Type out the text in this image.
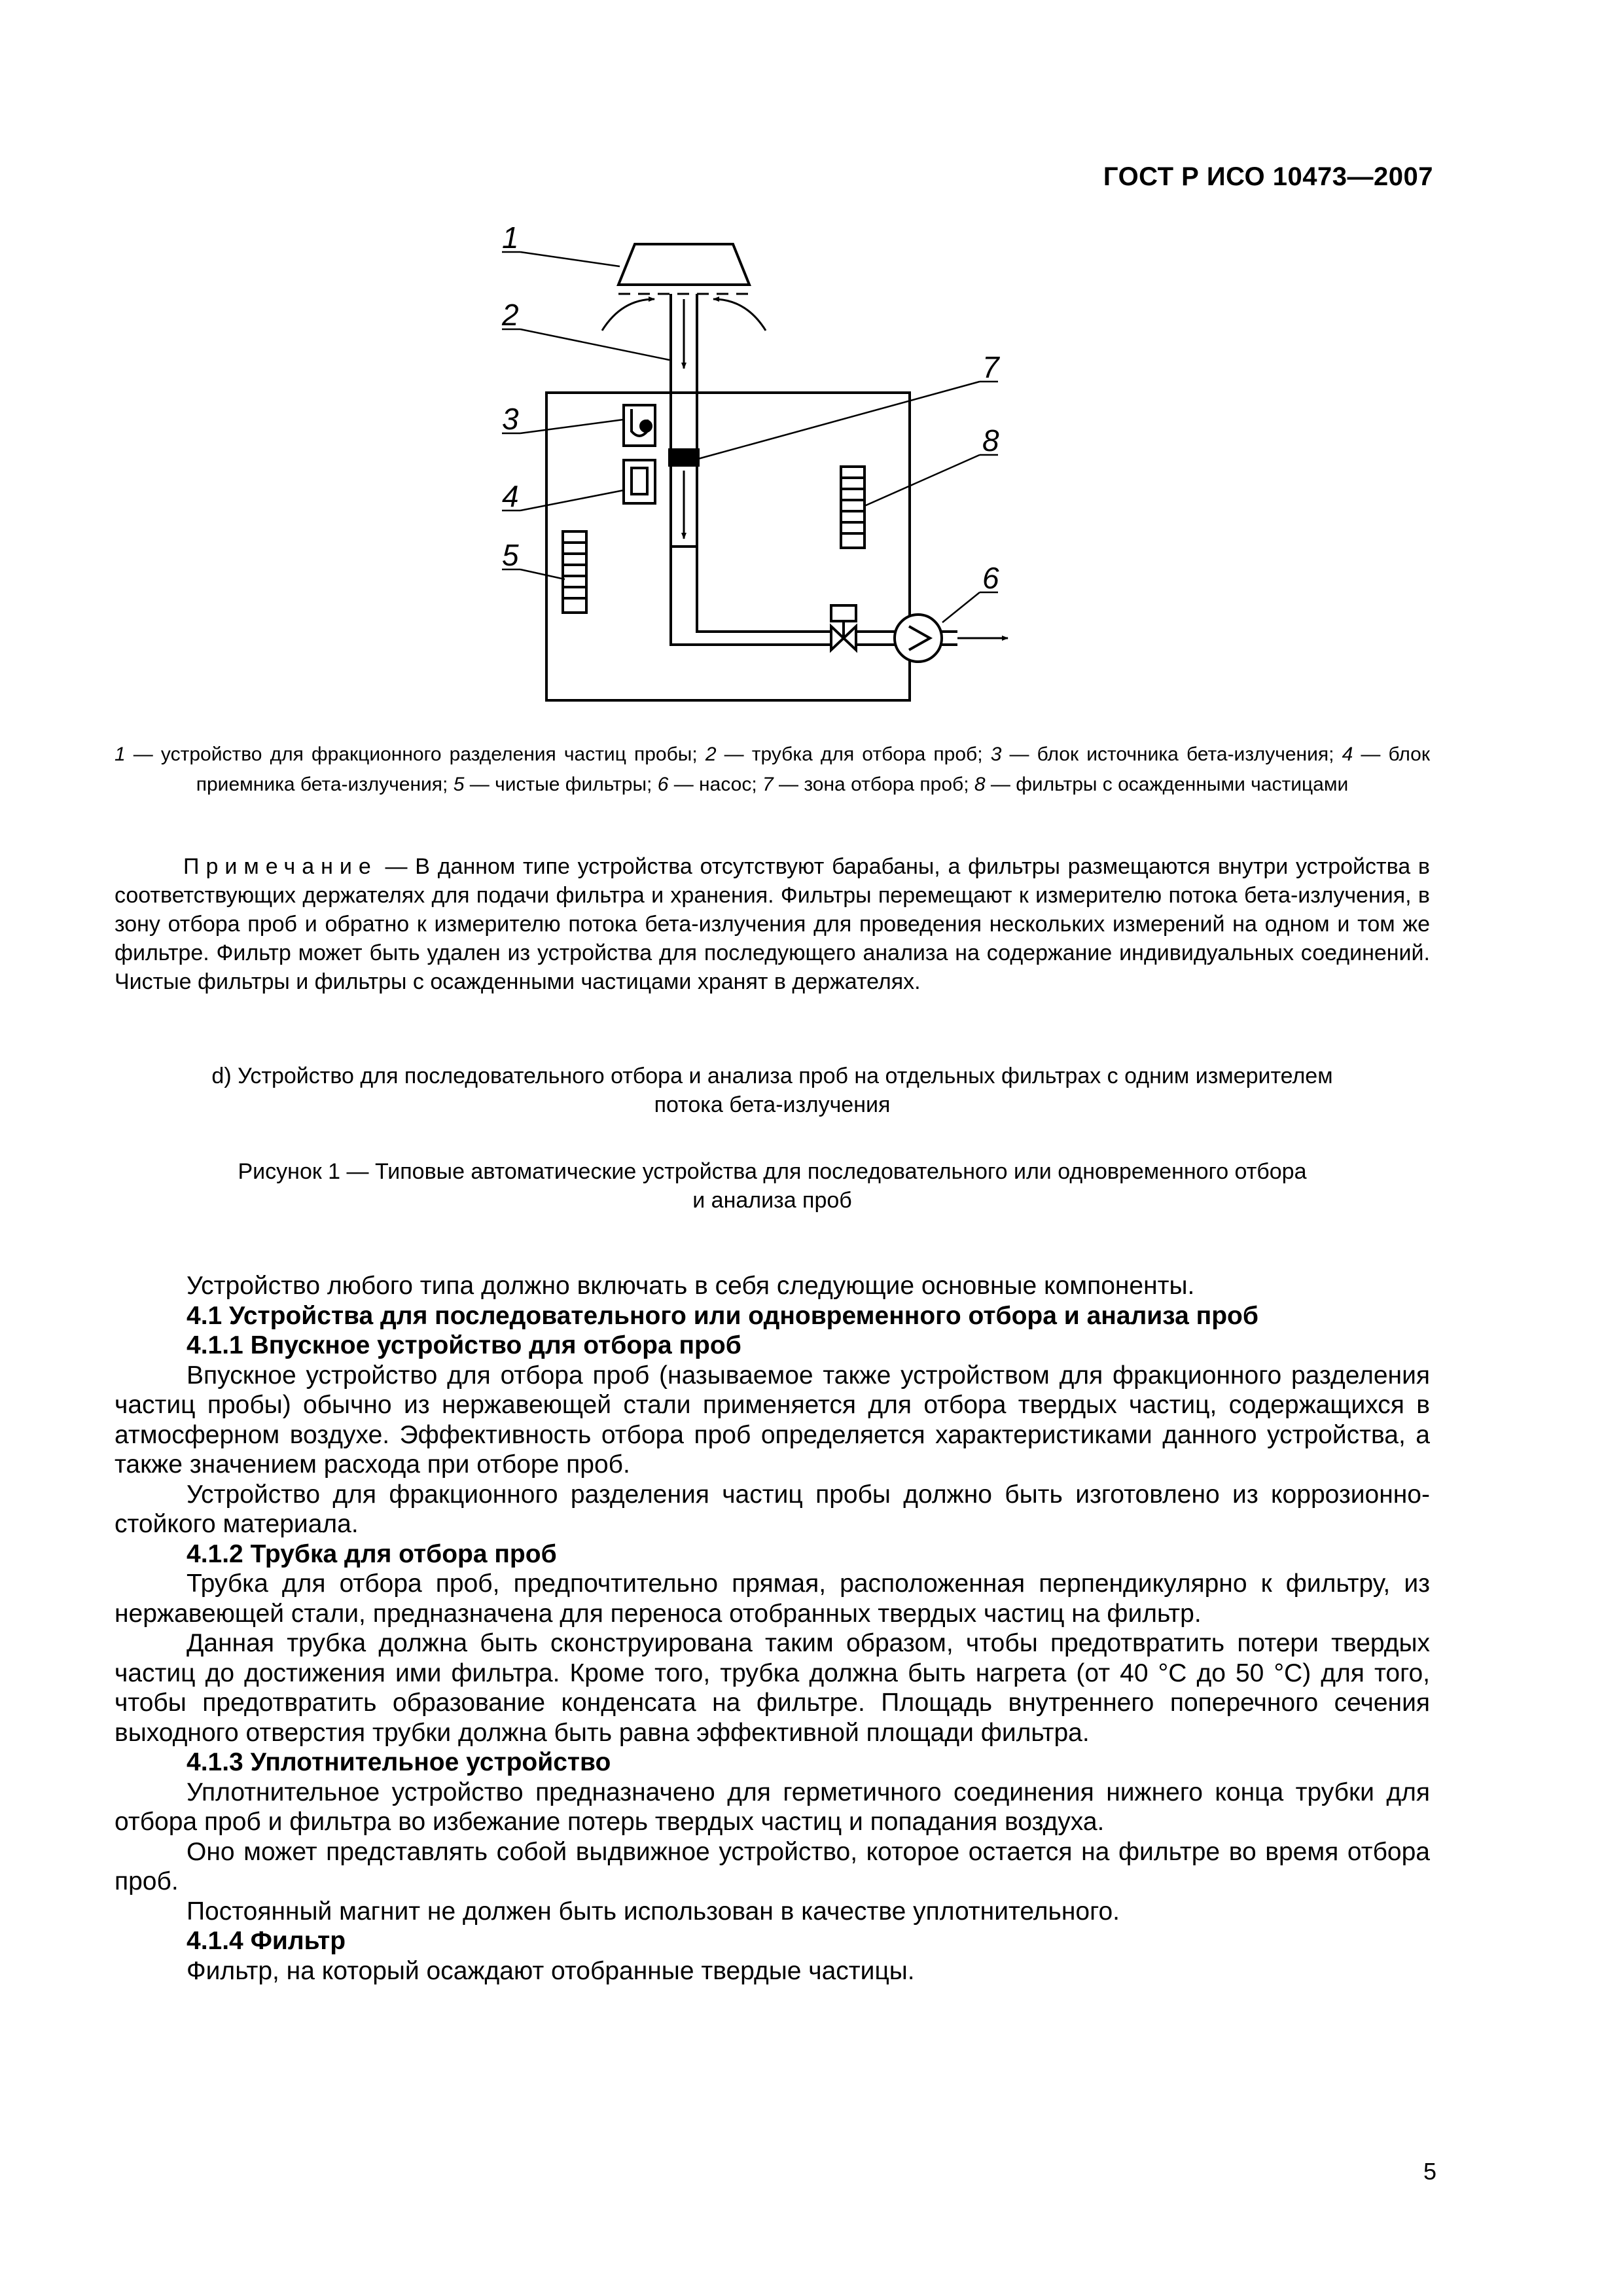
ГОСТ Р ИСО 10473—2007
1
2
3
4
5
6
7
8
1 — устройство для фракционного разделения частиц пробы; 2 — трубка для отбора проб; 3 — блок источника бета-излучения; 4 — блок приемника бета-излучения; 5 — чистые фильтры; 6 — насос; 7 — зона отбора проб; 8 — фильтры с осажденными частицами
Примечание — В данном типе устройства отсутствуют барабаны, а фильтры размещаются внутри устройства в соответствующих держателях для подачи фильтра и хранения. Фильтры перемещают к измерителю потока бета-излучения, в зону отбора проб и обратно к измерителю потока бета-излучения для проведения нескольких измерений на одном и том же фильтре. Фильтр может быть удален из устройства для последующего анализа на содержание индивидуальных соединений. Чистые фильтры и фильтры с осажденными частицами хранят в держателях.
d) Устройство для последовательного отбора и анализа проб на отдельных фильтрах с одним измерителем
потока бета-излучения
Рисунок 1 — Типовые автоматические устройства для последовательного или одновременного отбора
и анализа проб

Устройство любого типа должно включать в себя следующие основные компоненты.

4.1 Устройства для последовательного или одновременного отбора и анализа проб
4.1.1 Впускное устройство для отбора проб

Впускное устройство для отбора проб (называемое также устройством для фракционного разделения частиц пробы) обычно из нержавеющей стали применяется для отбора твердых частиц, содержащихся в атмосферном воздухе. Эффективность отбора проб определяется характеристиками данного устройства, а также значением расхода при отборе проб.

Устройство для фракционного разделения частиц пробы должно быть изготовлено из коррозионно-стойкого материала.

4.1.2 Трубка для отбора проб

Трубка для отбора проб, предпочтительно прямая, расположенная перпендикулярно к фильтру, из нержавеющей стали, предназначена для переноса отобранных твердых частиц на фильтр.

Данная трубка должна быть сконструирована таким образом, чтобы предотвратить потери твердых частиц до достижения ими фильтра. Кроме того, трубка должна быть нагрета (от 40 °С до 50 °С) для того, чтобы предотвратить образование конденсата на фильтре. Площадь внутреннего поперечного сечения выходного отверстия трубки должна быть равна эффективной площади фильтра.

4.1.3 Уплотнительное устройство

Уплотнительное устройство предназначено для герметичного соединения нижнего конца трубки для отбора проб и фильтра во избежание потерь твердых частиц и попадания воздуха.

Оно может представлять собой выдвижное устройство, которое остается на фильтре во время отбора проб.

Постоянный магнит не должен быть использован в качестве уплотнительного.

4.1.4 Фильтр

Фильтр, на который осаждают отобранные твердые частицы.

5
